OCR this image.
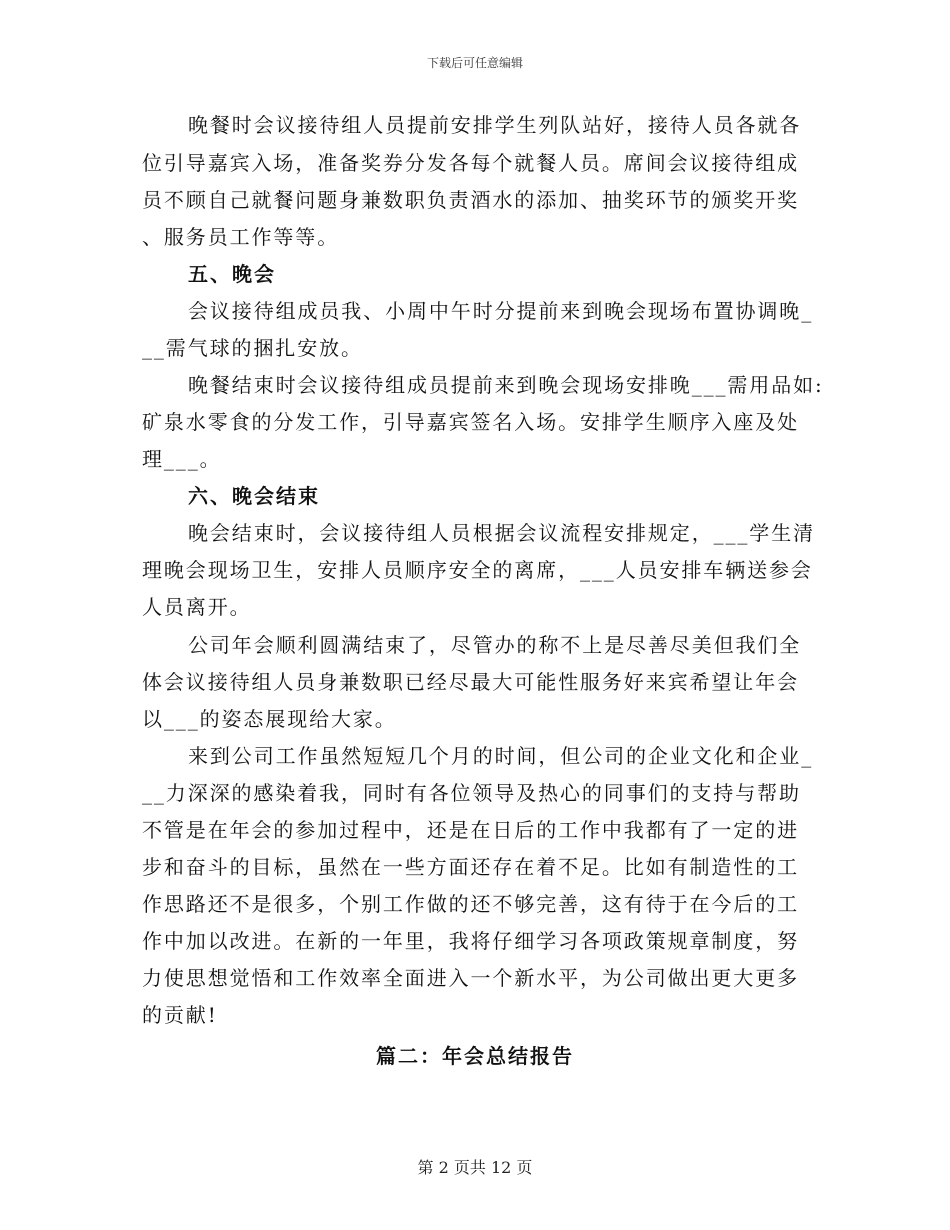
下载后可任意编辑
晚餐时会议接待组人员提前安排学生列队站好，接待人员各就各
位引导嘉宾入场，准备奖券分发各每个就餐人员。席间会议接待组成
员不顾自己就餐问题身兼数职负责酒水的添加、抽奖环节的颁奖开奖
、服务员工作等等。
五、晚会
会议接待组成员我、小周中午时分提前来到晚会现场布置协调晚_
__需气球的捆扎安放。
晚餐结束时会议接待组成员提前来到晚会现场安排晚___需用品如:
矿泉水零食的分发工作，引导嘉宾签名入场。安排学生顺序入座及处
理___。
六、晚会结束
晚会结束时，会议接待组人员根据会议流程安排规定，___学生清
理晚会现场卫生，安排人员顺序安全的离席，___人员安排车辆送参会
人员离开。
公司年会顺利圆满结束了，尽管办的称不上是尽善尽美但我们全
体会议接待组人员身兼数职已经尽最大可能性服务好来宾希望让年会
以___的姿态展现给大家。
来到公司工作虽然短短几个月的时间，但公司的企业文化和企业_
__力深深的感染着我，同时有各位领导及热心的同事们的支持与帮助
不管是在年会的参加过程中，还是在日后的工作中我都有了一定的进
步和奋斗的目标，虽然在一些方面还存在着不足。比如有制造性的工
作思路还不是很多，个别工作做的还不够完善，这有待于在今后的工
作中加以改进。在新的一年里，我将仔细学习各项政策规章制度，努
力使思想觉悟和工作效率全面进入一个新水平，为公司做出更大更多
的贡献!
篇二：年会总结报告
第 2 页共 12 页
